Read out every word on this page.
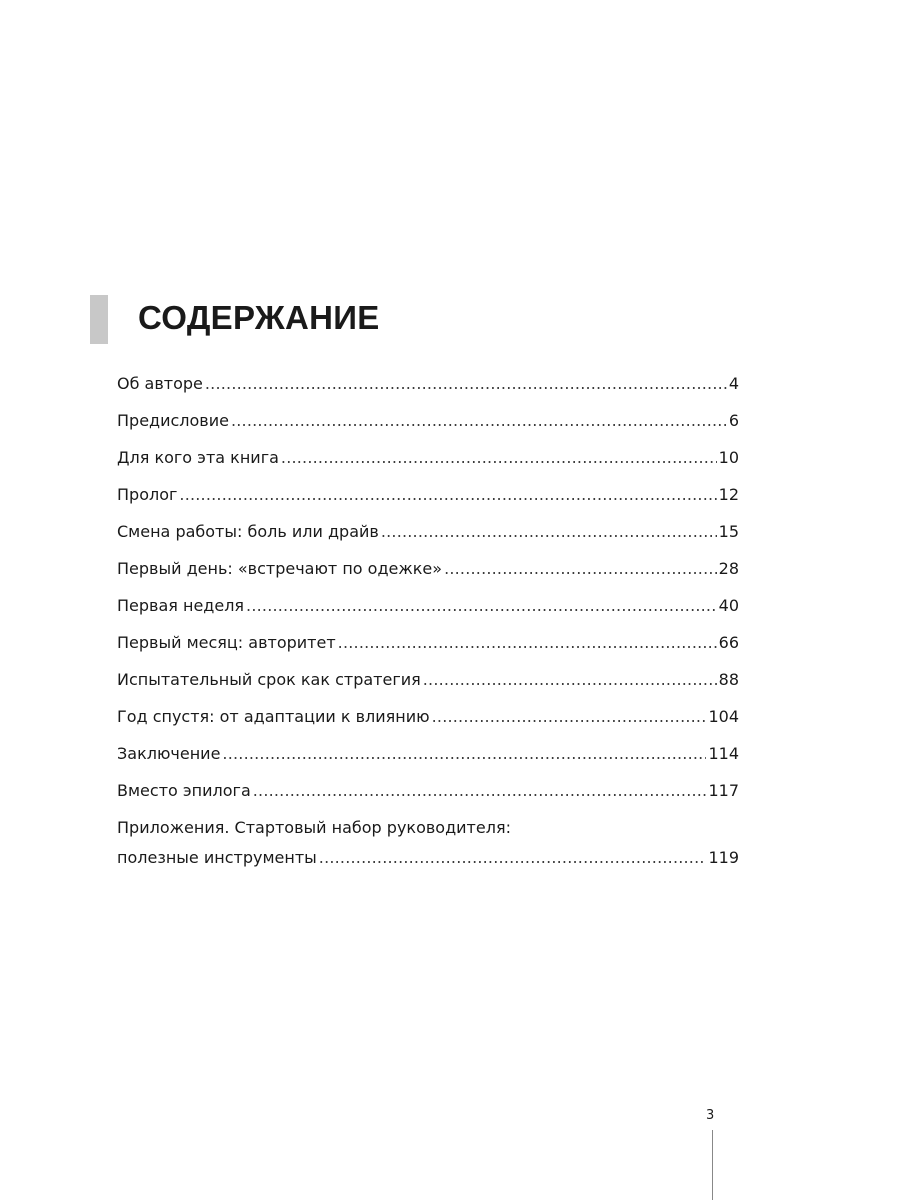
СОДЕРЖАНИЕ
Об авторе .....	4
Предисловие .....	6
Для кого эта книга .....	10
Пролог .....	12
Смена работы: боль или драйв .....	15
Первый день: «встречают по одежке» .....	28
Первая неделя .....	40
Первый месяц: авторитет .....	66
Испытательный срок как стратегия .....	88
Год спустя: от адаптации к влиянию .....	104
Заключение .....	114
Вместо эпилога .....	117
Приложения. Стартовый набор руководителя:
полезные инструменты .....	119
3
